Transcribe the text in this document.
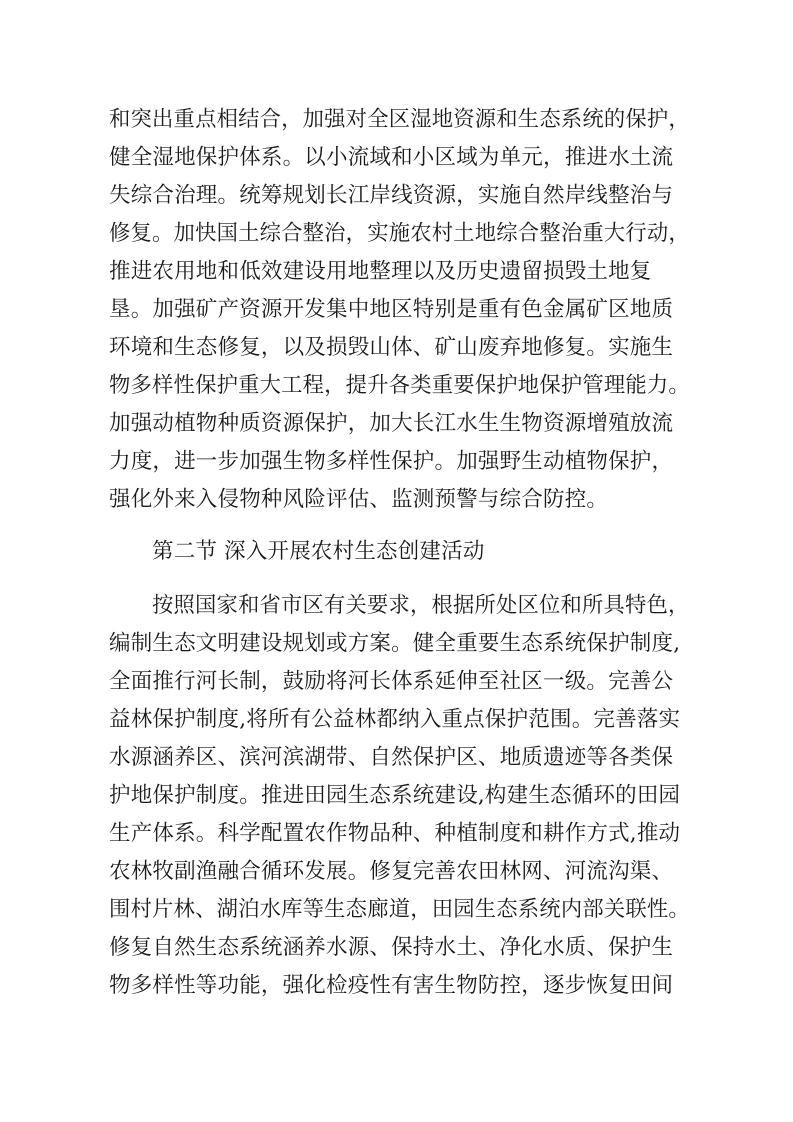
和突出重点相结合，加强对全区湿地资源和生态系统的保护，
健全湿地保护体系。以小流域和小区域为单元，推进水土流
失综合治理。统筹规划长江岸线资源，实施自然岸线整治与
修复。加快国土综合整治，实施农村土地综合整治重大行动，
推进农用地和低效建设用地整理以及历史遗留损毁土地复
垦。加强矿产资源开发集中地区特别是重有色金属矿区地质
环境和生态修复，以及损毁山体、矿山废弃地修复。实施生
物多样性保护重大工程，提升各类重要保护地保护管理能力。
加强动植物种质资源保护，加大长江水生生物资源增殖放流
力度，进一步加强生物多样性保护。加强野生动植物保护，
强化外来入侵物种风险评估、监测预警与综合防控。
第二节 深入开展农村生态创建活动
按照国家和省市区有关要求，根据所处区位和所具特色，
编制生态文明建设规划或方案。健全重要生态系统保护制度,
全面推行河长制，鼓励将河长体系延伸至社区一级。完善公
益林保护制度,将所有公益林都纳入重点保护范围。完善落实
水源涵养区、滨河滨湖带、自然保护区、地质遗迹等各类保
护地保护制度。推进田园生态系统建设,构建生态循环的田园
生产体系。科学配置农作物品种、种植制度和耕作方式,推动
农林牧副渔融合循环发展。修复完善农田林网、河流沟渠、
围村片林、湖泊水库等生态廊道，田园生态系统内部关联性。
修复自然生态系统涵养水源、保持水土、净化水质、保护生
物多样性等功能，强化检疫性有害生物防控，逐步恢复田间
